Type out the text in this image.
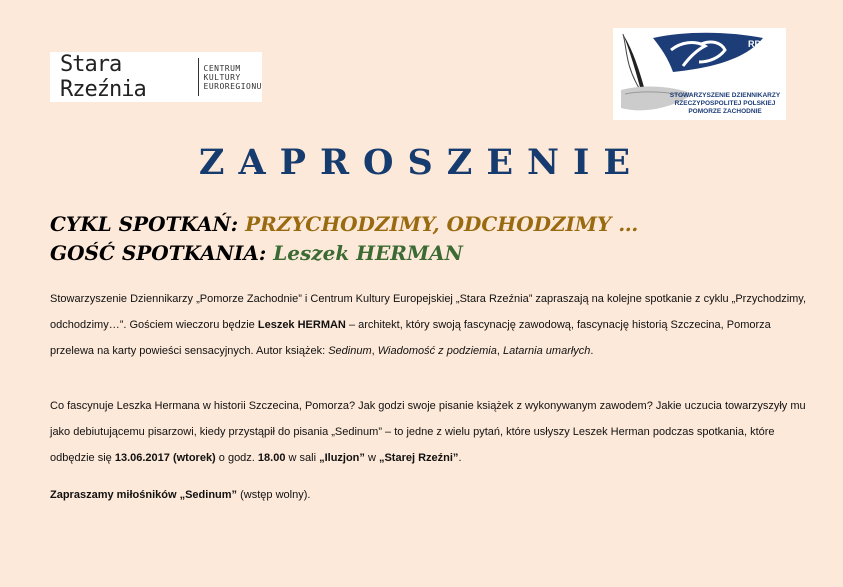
Stara Rzeźnia
CENTRUM
KULTURY
EUROREGIONU
RP
STOWARZYSZENIE DZIENNIKARZY
RZECZYPOSPOLITEJ POLSKIEJ
POMORZE ZACHODNIE
ZAPROSZENIE
CYKL SPOTKAŃ: PRZYCHODZIMY, ODCHODZIMY …
GOŚĆ SPOTKANIA: Leszek HERMAN

Stowarzyszenie Dziennikarzy „Pomorze Zachodnie” i Centrum Kultury Europejskiej „Stara Rzeźnia” zapraszają na kolejne spotkanie z cyklu „Przychodzimy, odchodzimy…”. Gościem wieczoru będzie Leszek HERMAN – architekt, który swoją fascynację zawodową, fascynację historią Szczecina, Pomorza przelewa na karty powieści sensacyjnych. Autor książek: Sedinum, Wiadomość z podziemia, Latarnia umarłych.

Co fascynuje Leszka Hermana w historii Szczecina, Pomorza? Jak godzi swoje pisanie książek z wykonywanym zawodem? Jakie uczucia towarzyszyły mu jako debiutującemu pisarzowi, kiedy przystąpił do pisania „Sedinum” – to jedne z wielu pytań, które usłyszy Leszek Herman podczas spotkania, które odbędzie się 13.06.2017 (wtorek) o godz. 18.00 w sali „Iluzjon” w „Starej Rzeźni”.

Zapraszamy miłośników „Sedinum” (wstęp wolny).
